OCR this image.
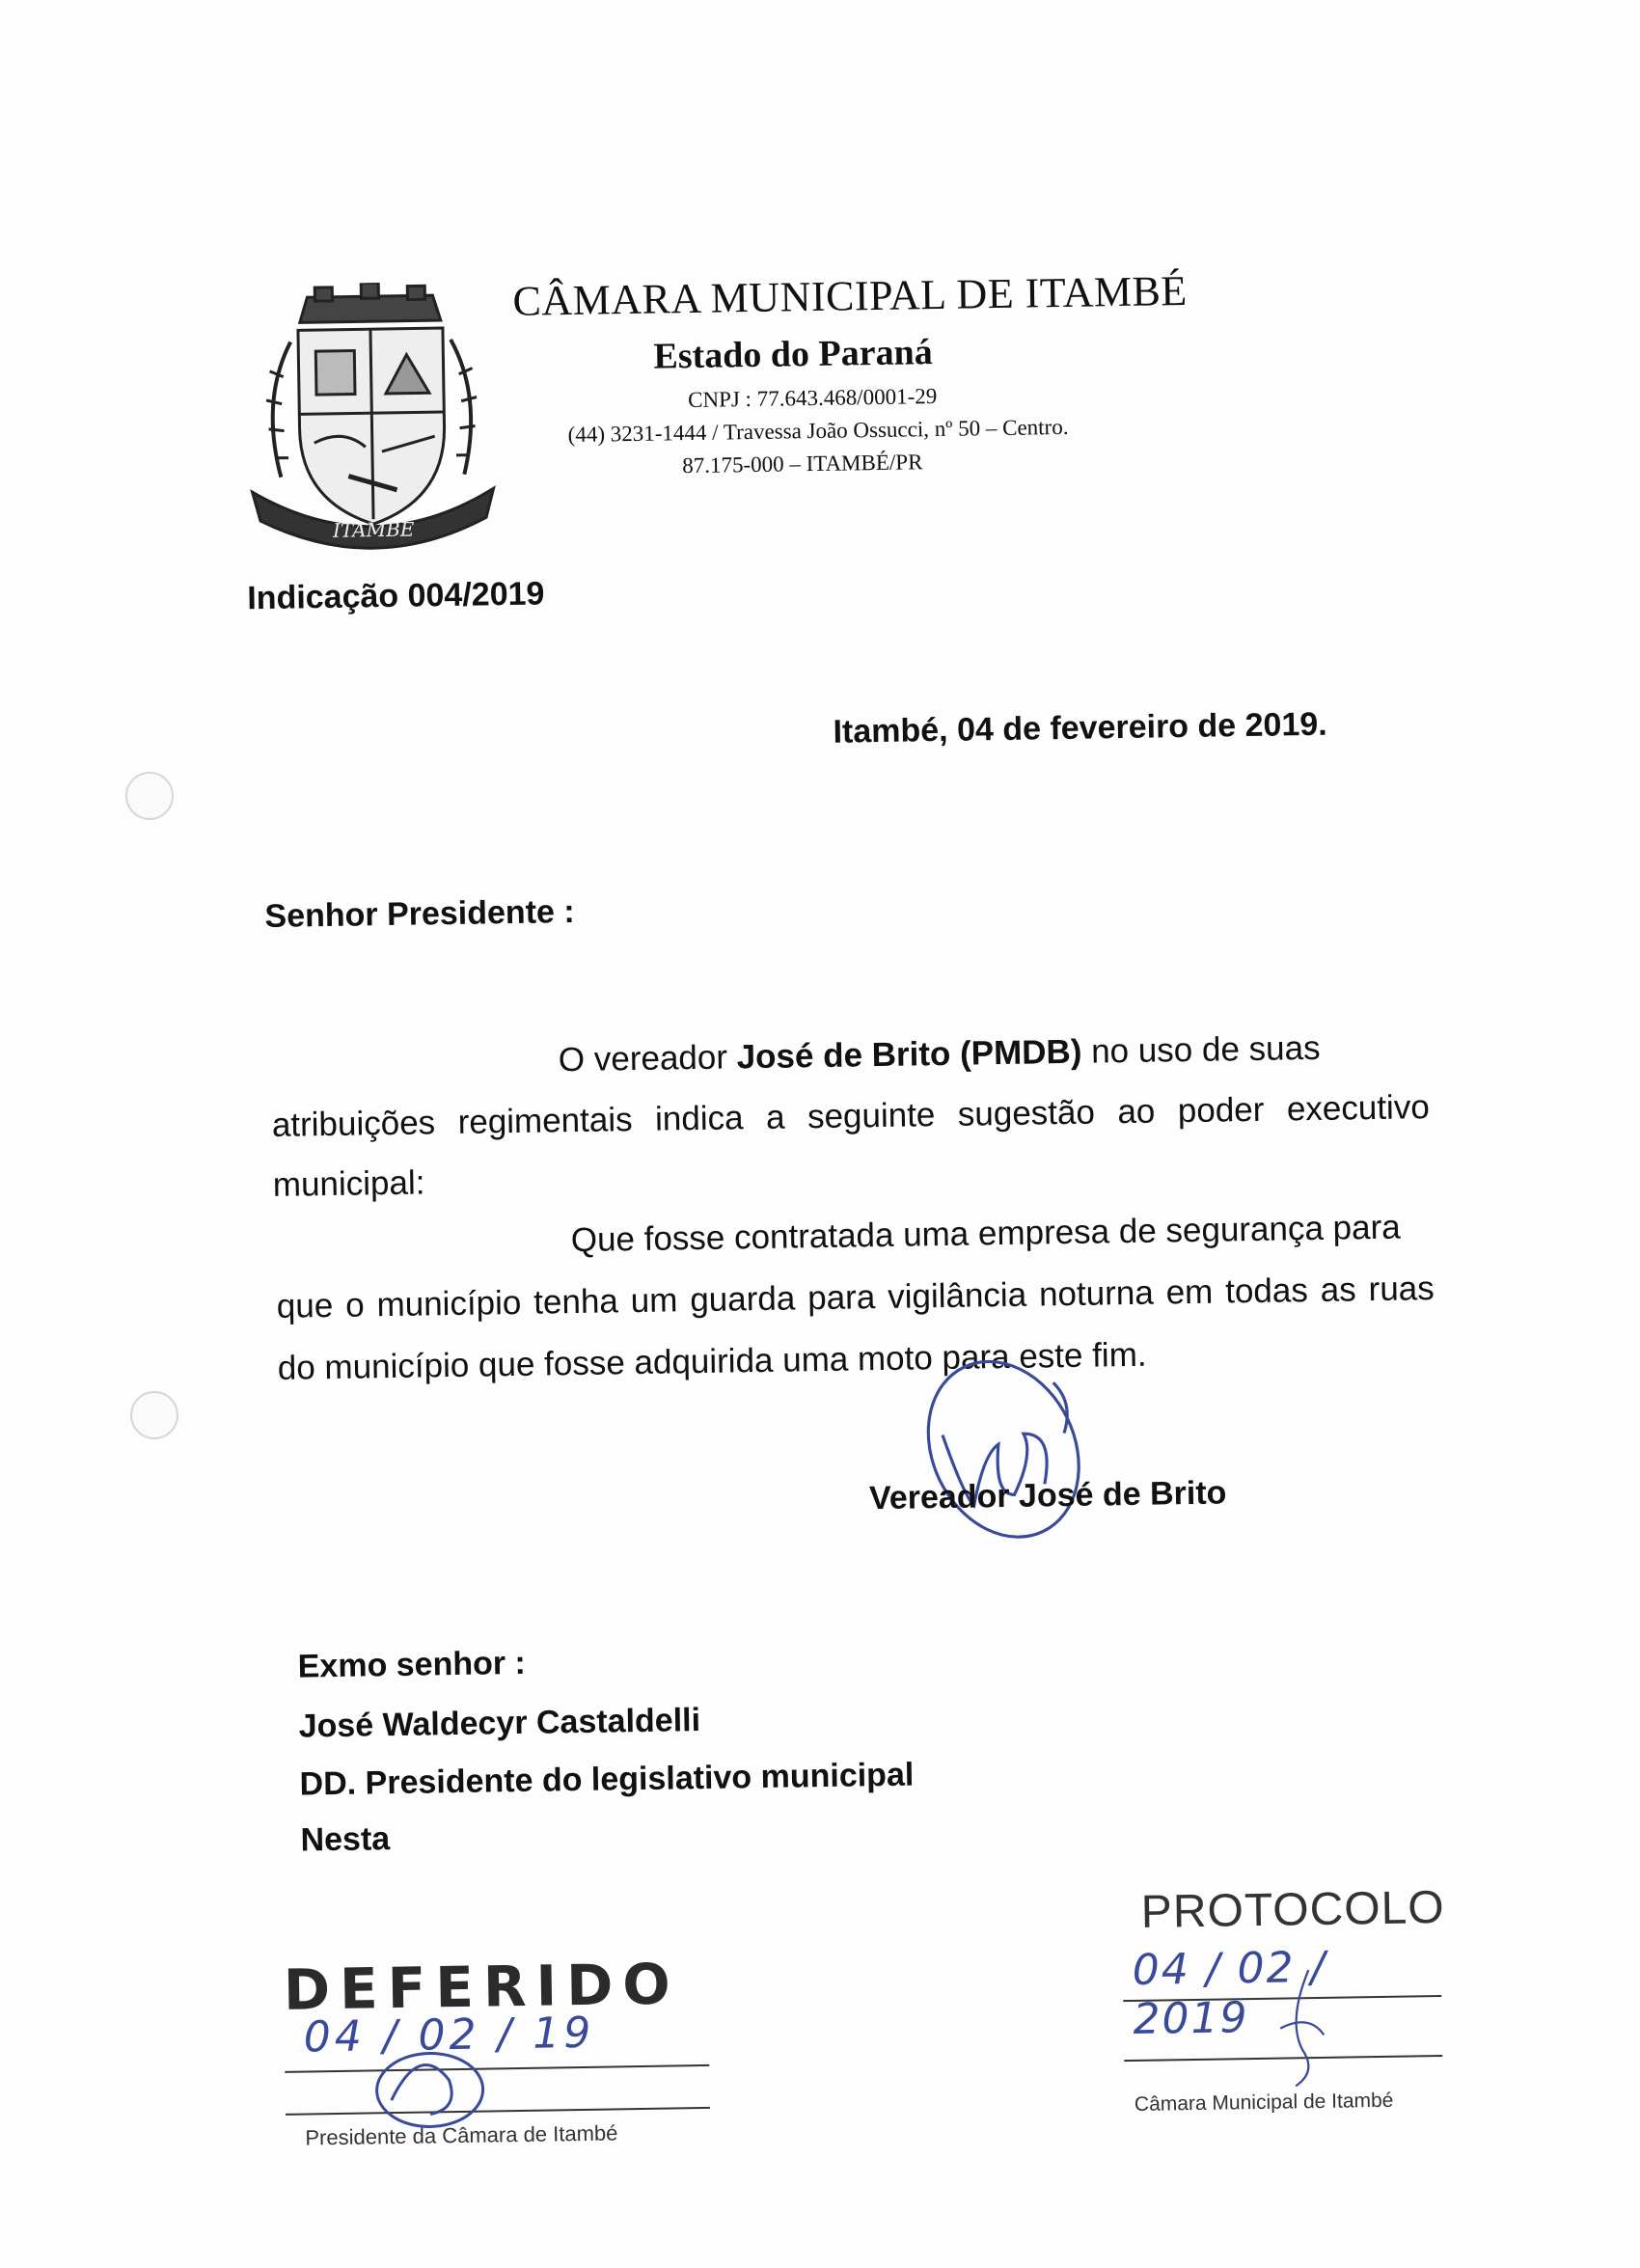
ITAMBÉ
CÂMARA MUNICIPAL DE ITAMBÉ
Estado do Paraná
CNPJ : 77.643.468/0001-29
(44) 3231-1444 / Travessa João Ossucci, nº 50 – Centro.
87.175-000 – ITAMBÉ/PR
Indicação 004/2019
Itambé, 04 de fevereiro de 2019.
Senhor Presidente :
O vereador José de Brito (PMDB) no uso de suas
atribuições regimentais indica a seguinte sugestão ao poder executivo
municipal:
Que fosse contratada uma empresa de segurança para
que o município tenha um guarda para vigilância noturna em todas as ruas
do município que fosse adquirida uma moto para este fim.
Vereador José de Brito
Exmo senhor :
José Waldecyr Castaldelli
DD. Presidente do legislativo municipal
Nesta
DEFERIDO
04 / 02 / 19
Presidente da Câmara de Itambé
PROTOCOLO
04 / 02 / 2019
Câmara Municipal de Itambé
